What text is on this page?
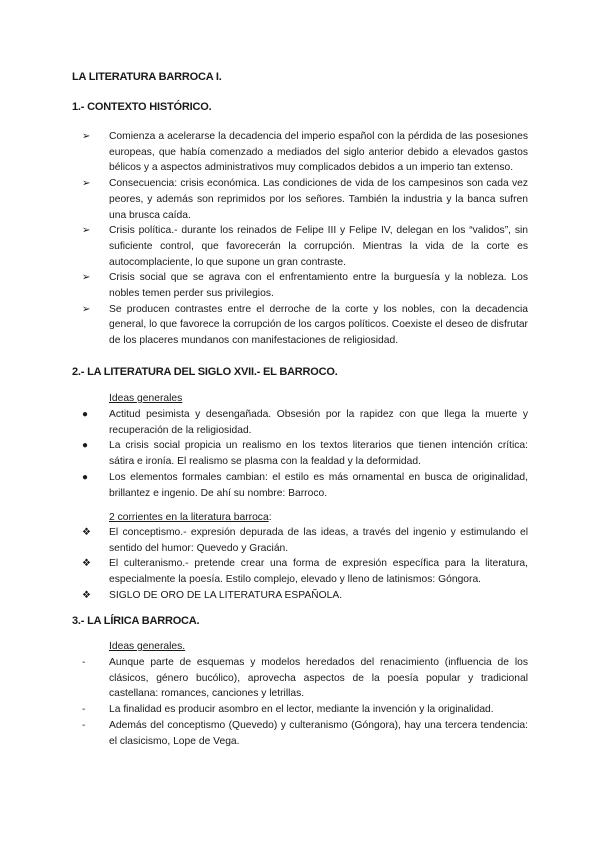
LA LITERATURA BARROCA I.
1.- CONTEXTO HISTÓRICO.
➢	Comienza a acelerarse la decadencia del imperio español con la pérdida de las posesiones europeas, que había comenzado a mediados del siglo anterior debido a elevados gastos bélicos y a aspectos administrativos muy complicados debidos a un imperio tan extenso.
➢	Consecuencia: crisis económica. Las condiciones de vida de los campesinos son cada vez peores, y además son reprimidos por los señores. También la industria y la banca sufren una brusca caída.
➢	Crisis política.- durante los reinados de Felipe III y Felipe IV, delegan en los “validos”, sin suficiente control, que favorecerán la corrupción. Mientras la vida de la corte es autocomplaciente, lo que supone un gran contraste.
➢	Crisis social que se agrava con el enfrentamiento entre la burguesía y la nobleza. Los nobles temen perder sus privilegios.
➢	Se producen contrastes entre el derroche de la corte y los nobles, con la decadencia general, lo que favorece la corrupción de los cargos políticos. Coexiste el deseo de disfrutar de los placeres mundanos con manifestaciones de religiosidad.
2.- LA LITERATURA DEL SIGLO XVII.- EL BARROCO.
Ideas generales
●	Actitud pesimista y desengañada. Obsesión por la rapidez con que llega la muerte y recuperación de la religiosidad.
●	La crisis social propicia un realismo en los textos literarios que tienen intención crítica: sátira e ironía. El realismo se plasma con la fealdad y la deformidad.
●	Los elementos formales cambian: el estilo es más ornamental en busca de originalidad, brillantez e ingenio. De ahí su nombre: Barroco.
2 corrientes en la literatura barroca:
❖	El conceptismo.- expresión depurada de las ideas, a través del ingenio y estimulando el sentido del humor: Quevedo y Gracián.
❖	El culteranismo.- pretende crear una forma de expresión específica para la literatura, especialmente la poesía. Estilo complejo, elevado y lleno de latinismos: Góngora.
❖	SIGLO DE ORO DE LA LITERATURA ESPAÑOLA.
3.- LA LÍRICA BARROCA.
Ideas generales.
-	Aunque parte de esquemas y modelos heredados del renacimiento (influencia de los clásicos, género bucólico), aprovecha aspectos de la poesía popular y tradicional castellana: romances, canciones y letrillas.
-	La finalidad es producir asombro en el lector, mediante la invención y la originalidad.
-	Además del conceptismo (Quevedo) y culteranismo (Góngora), hay una tercera tendencia: el clasicismo, Lope de Vega.
